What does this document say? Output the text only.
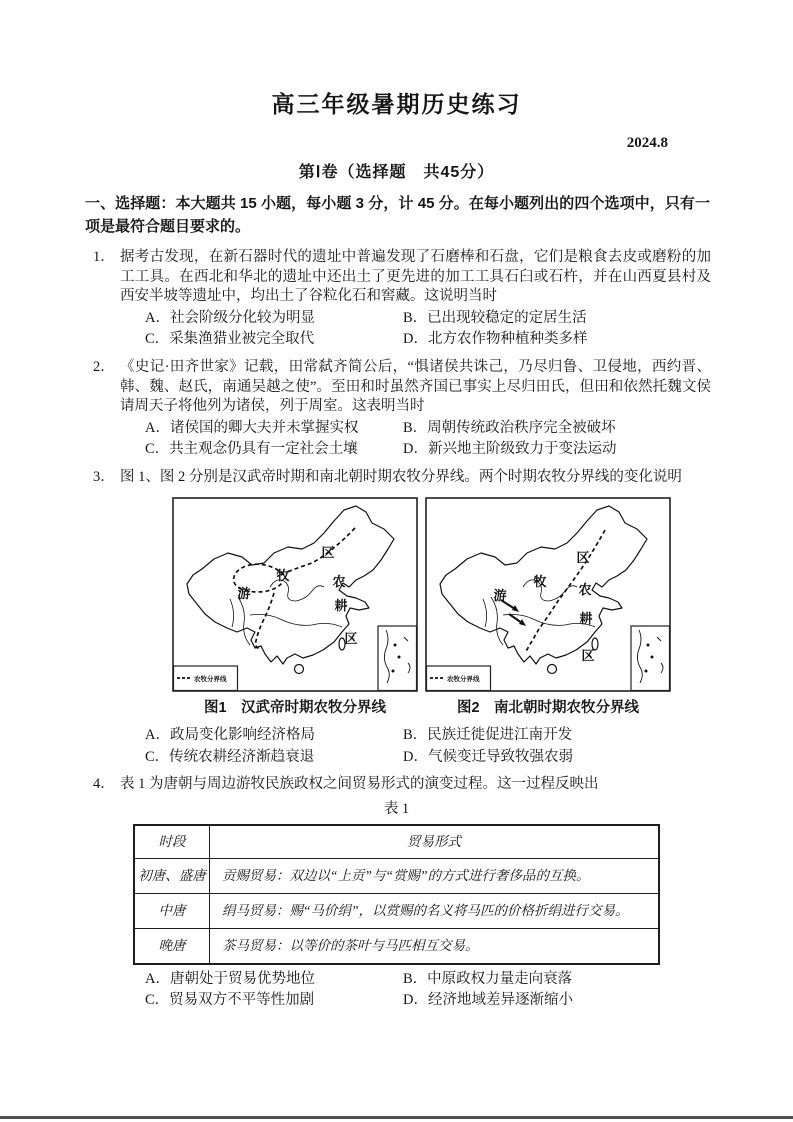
高三年级暑期历史练习
2024.8
第Ⅰ卷（选择题　共45分）
一、选择题：本大题共 15 小题，每小题 3 分，计 45 分。在每小题列出的四个选项中，只有一项是最符合题目要求的。
1． 据考古发现，在新石器时代的遗址中普遍发现了石磨棒和石盘，它们是粮食去皮或磨粉的加工工具。在西北和华北的遗址中还出土了更先进的加工工具石臼或石杵，并在山西夏县村及西安半坡等遗址中，均出土了谷粒化石和窖藏。这说明当时
A．社会阶级分化较为明显	B．已出现较稳定的定居生活
C．采集渔猎业被完全取代	D．北方农作物种植种类多样
2． 《史记·田齐世家》记载，田常弑齐简公后，“惧诸侯共诛己，乃尽归鲁、卫侵地，西约晋、韩、魏、赵氏，南通吴越之使”。至田和时虽然齐国已事实上尽归田氏，但田和依然托魏文侯请周天子将他列为诸侯，列于周室。这表明当时
A．诸侯国的卿大夫并未掌握实权	B．周朝传统政治秩序完全被破坏
C．共主观念仍具有一定社会土壤	D．新兴地主阶级致力于变法运动
3． 图 1、图 2 分别是汉武帝时期和南北朝时期农牧分界线。两个时期农牧分界线的变化说明
游
牧
区
农
耕
区
农牧分界线
游
牧
区
农
耕
区
农牧分界线
图1　汉武帝时期农牧分界线	图2　南北朝时期农牧分界线
A．政局变化影响经济格局	B．民族迁徙促进江南开发
C．传统农耕经济渐趋衰退	D．气候变迁导致牧强农弱
4． 表 1 为唐朝与周边游牧民族政权之间贸易形式的演变过程。这一过程反映出
表 1
时段	贸易形式
初唐、盛唐	贡赐贸易：双边以“上贡”与“赏赐”的方式进行奢侈品的互换。
中唐	绢马贸易：赐“马价绢”，以赏赐的名义将马匹的价格折绢进行交易。
晚唐	茶马贸易：以等价的茶叶与马匹相互交易。
A．唐朝处于贸易优势地位	B．中原政权力量走向衰落
C．贸易双方不平等性加剧	D．经济地域差异逐渐缩小
